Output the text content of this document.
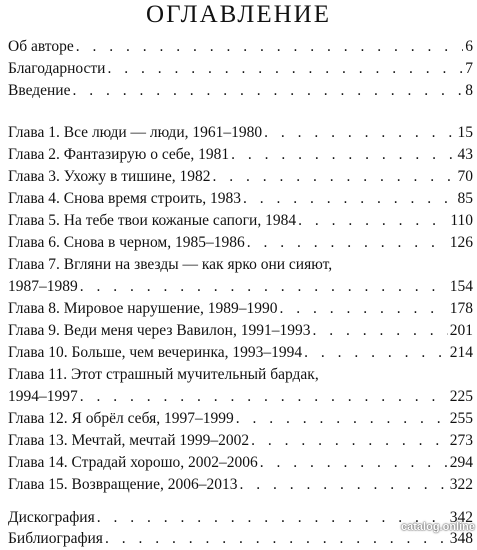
ОГЛАВЛЕНИЕ
Об авторе . . .	6
Благодарности . . .	7
Введение . . .	8
Глава 1. Все люди — люди, 1961–1980 . . .	15
Глава 2. Фантазирую о себе, 1981 . . .	43
Глава 3. Ухожу в тишине, 1982 . . .	70
Глава 4. Снова время строить, 1983 . . .	85
Глава 5. На тебе твои кожаные сапоги, 1984 . . .	110
Глава 6. Снова в черном, 1985–1986 . . .	126
Глава 7. Вгляни на звезды — как ярко они сияют,
1987–1989 . . .	154
Глава 8. Мировое нарушение, 1989–1990 . . .	178
Глава 9. Веди меня через Вавилон, 1991–1993 . . .	201
Глава 10. Больше, чем вечеринка, 1993–1994 . . .	214
Глава 11. Этот страшный мучительный бардак,
1994–1997 . . .	225
Глава 12. Я обрёл себя, 1997–1999 . . .	255
Глава 13. Мечтай, мечтай 1999–2002 . . .	273
Глава 14. Страдай хорошо, 2002–2006 . . .	294
Глава 15. Возвращение, 2006–2013 . . .	322
Дискография . . .	342
Библиография . . .	348
catalog.online
